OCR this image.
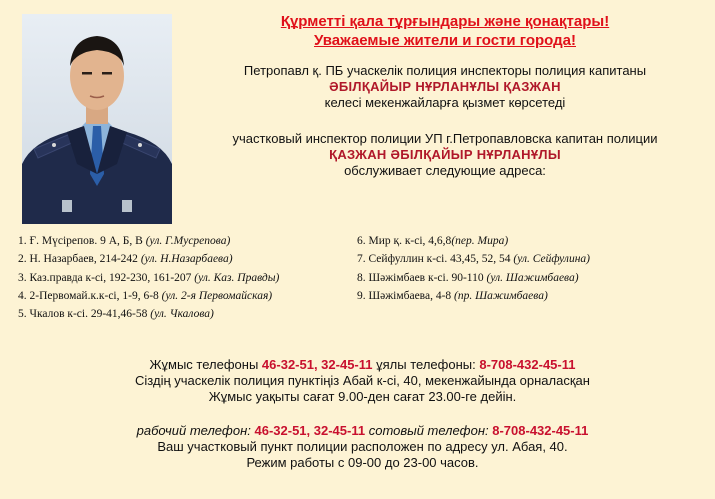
Құрметті қала тұрғындары және қонақтары!
Уважаемые жители и гости города!
Петропавл қ. ПБ учаскелік полиция инспекторы полиция капитаны
ӘБІЛҚАЙЫР НҰРЛАНҰЛЫ ҚАЗЖАН
келесі мекенжайларға қызмет көрсетеді
участковый инспектор полиции УП г.Петропавловска капитан полиции
ҚАЗЖАН ӘБІЛҚАЙЫР НҰРЛАНҰЛЫ
обслуживает следующие адреса:
1. Ғ. Мүсірепов. 9 А, Б, В (ул. Г.Мусрепова)
2. Н. Назарбаев, 214-242 (ул. Н.Назарбаева)
3. Каз.правда к-сі, 192-230, 161-207 (ул. Каз. Правды)
4. 2-Первомай.к.к-сі, 1-9, 6-8 (ул. 2-я Первомайская)
5. Чкалов к-сі. 29-41,46-58 (ул. Чкалова)
6. Мир қ. к-сі, 4,6,8(пер. Мира)
7. Сейфуллин к-сі. 43,45, 52, 54 (ул. Сейфулина)
8. Шәжімбаев к-сі. 90-110 (ул. Шажимбаева)
9. Шәжімбаева, 4-8 (пр. Шажимбаева)
Жұмыс телефоны 46-32-51, 32-45-11 ұялы телефоны: 8-708-432-45-11
Сіздің учаскелік полиция пунктіңіз Абай к-сі, 40, мекенжайында орналасқан
Жұмыс уақыты сағат 9.00-ден сағат 23.00-ге дейін.
рабочий телефон: 46-32-51, 32-45-11 сотовый телефон: 8-708-432-45-11
Ваш участковый пункт полиции расположен по адресу ул. Абая, 40.
Режим работы с 09-00 до 23-00 часов.
